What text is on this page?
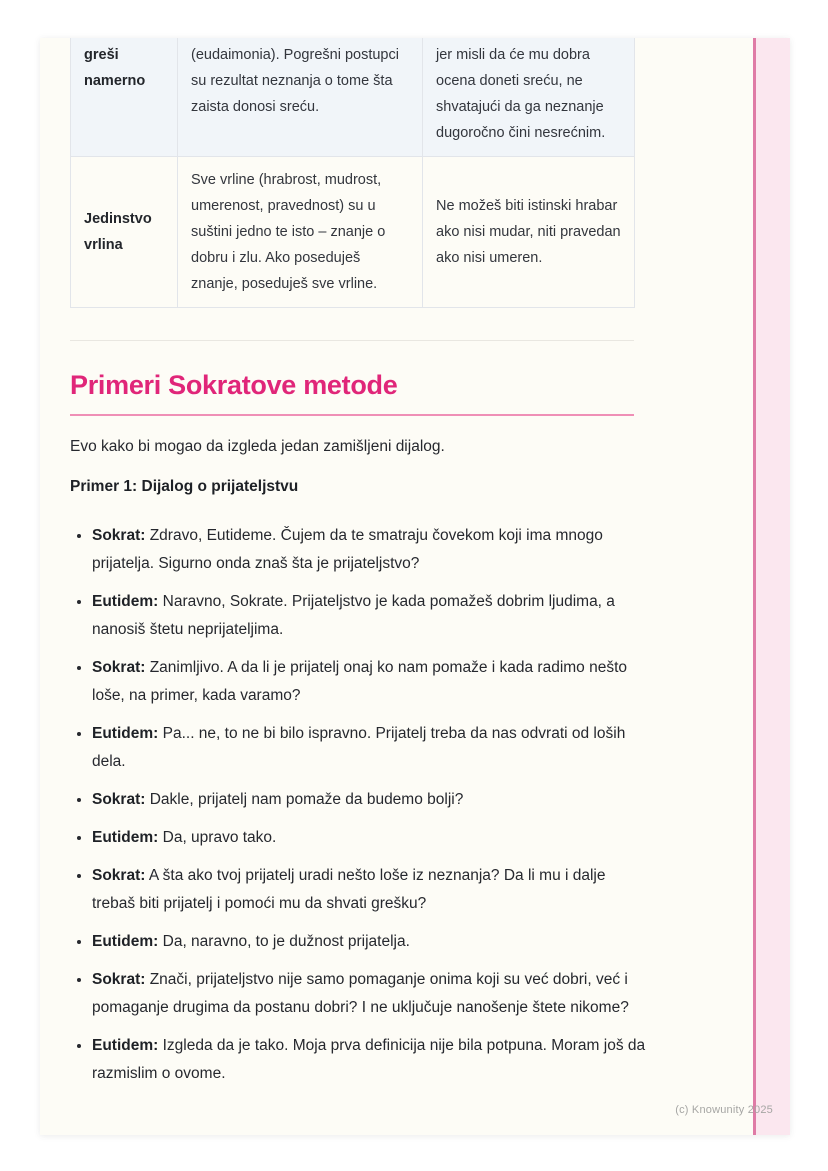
greši namerno	(eudaimonia). Pogrešni postupci su rezultat neznanja o tome šta zaista donosi sreću.	jer misli da će mu dobra ocena doneti sreću, ne shvatajući da ga neznanje dugoročno čini nesrećnim.
Jedinstvo vrlina	Sve vrline (hrabrost, mudrost, umerenost, pravednost) su u suštini jedno te isto – znanje o dobru i zlu. Ako poseduješ znanje, poseduješ sve vrline.	Ne možeš biti istinski hrabar ako nisi mudar, niti pravedan ako nisi umeren.
Primeri Sokratove metode

Evo kako bi mogao da izgleda jedan zamišljeni dijalog.

Primer 1: Dijalog o prijateljstvu

• Sokrat: Zdravo, Eutideme. Čujem da te smatraju čovekom koji ima mnogo prijatelja. Sigurno onda znaš šta je prijateljstvo?
• Eutidem: Naravno, Sokrate. Prijateljstvo je kada pomažeš dobrim ljudima, a nanosiš štetu neprijateljima.
• Sokrat: Zanimljivo. A da li je prijatelj onaj ko nam pomaže i kada radimo nešto loše, na primer, kada varamo?
• Eutidem: Pa... ne, to ne bi bilo ispravno. Prijatelj treba da nas odvrati od loših dela.
• Sokrat: Dakle, prijatelj nam pomaže da budemo bolji?
• Eutidem: Da, upravo tako.
• Sokrat: A šta ako tvoj prijatelj uradi nešto loše iz neznanja? Da li mu i dalje trebaš biti prijatelj i pomoći mu da shvati grešku?
• Eutidem: Da, naravno, to je dužnost prijatelja.
• Sokrat: Znači, prijateljstvo nije samo pomaganje onima koji su već dobri, već i pomaganje drugima da postanu dobri? I ne uključuje nanošenje štete nikome?
• Eutidem: Izgleda da je tako. Moja prva definicija nije bila potpuna. Moram još da razmislim o ovome.
(c) Knowunity 2025
